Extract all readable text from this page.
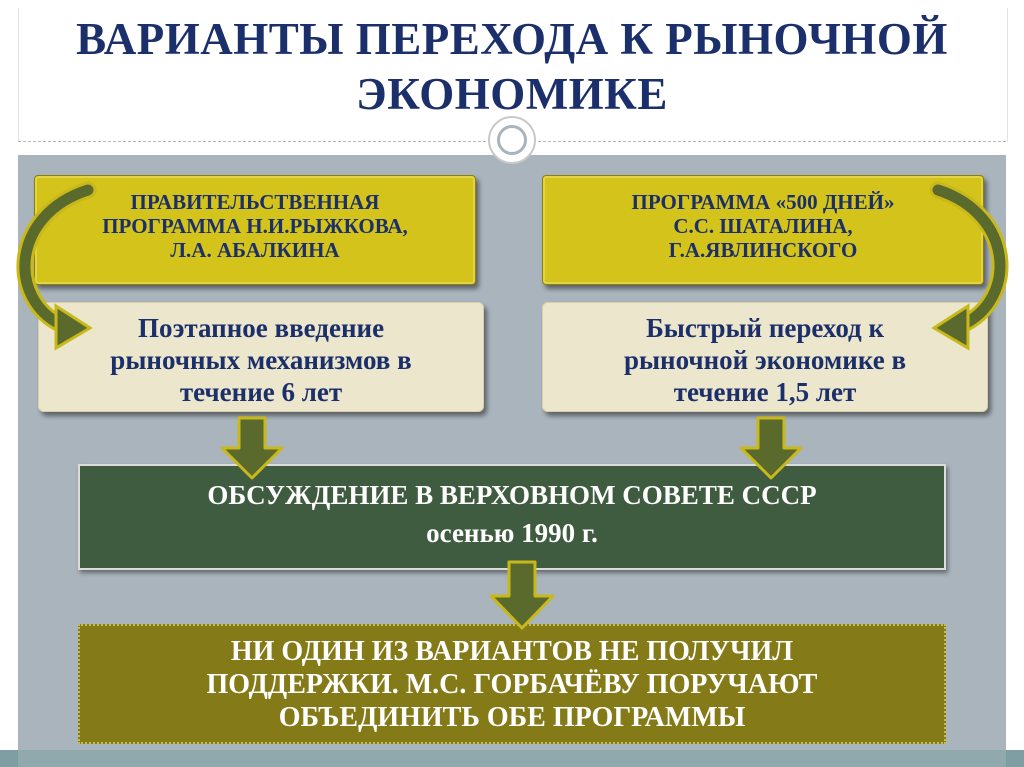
ВАРИАНТЫ ПЕРЕХОДА К РЫНОЧНОЙ
ЭКОНОМИКЕ
ПРАВИТЕЛЬСТВЕННАЯ
ПРОГРАММА Н.И.РЫЖКОВА,
Л.А. АБАЛКИНА
ПРОГРАММА «500 ДНЕЙ»
С.С. ШАТАЛИНА,
Г.А.ЯВЛИНСКОГО
Поэтапное введение
рыночных механизмов в
течение 6 лет
Быстрый переход к
рыночной экономике в
течение 1,5 лет
ОБСУЖДЕНИЕ В ВЕРХОВНОМ СОВЕТЕ СССР
осенью 1990 г.
НИ ОДИН ИЗ ВАРИАНТОВ НЕ ПОЛУЧИЛ
ПОДДЕРЖКИ. М.С. ГОРБАЧЁВУ ПОРУЧАЮТ
ОБЪЕДИНИТЬ ОБЕ ПРОГРАММЫ
